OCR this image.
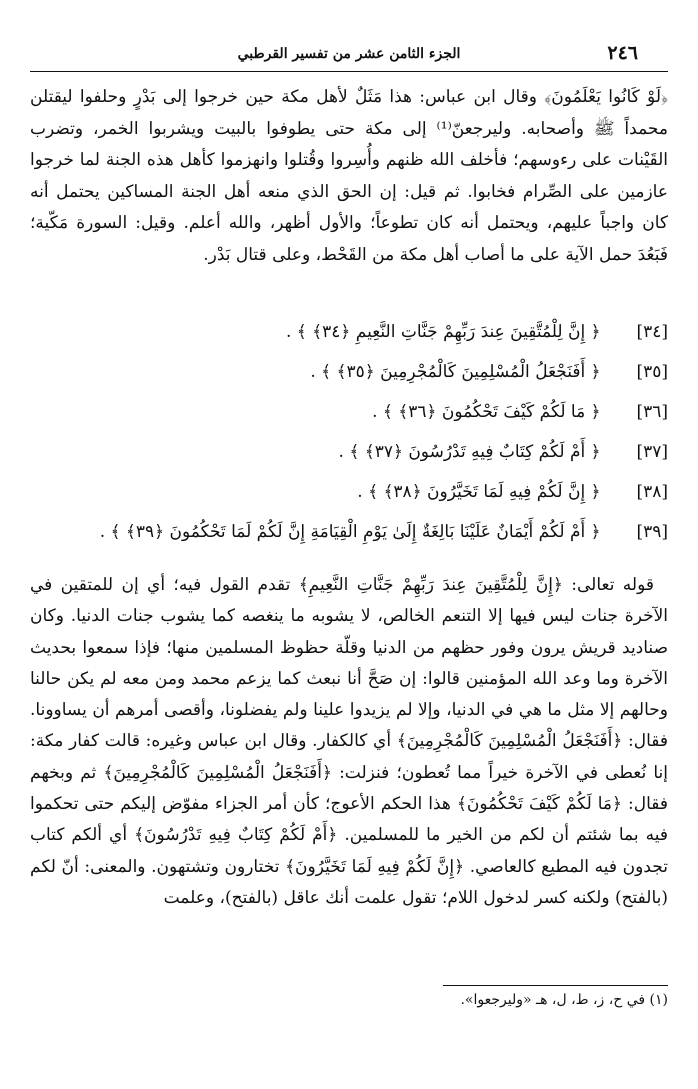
٢٤٦
الجزء الثامن عشر من تفسير القرطبي

﴿لَوْ كَانُوا يَعْلَمُونَ﴾ وقال ابن عباس: هذا مَثَلٌ لأهل مكة حين خرجوا إلى بَدْرٍ وحلفوا ليقتلن محمداً ﷺ وأصحابه. وليرجعنّ⁽¹⁾ إلى مكة حتى يطوفوا بالبيت ويشربوا الخمر، وتضرب القَيْنات على رءوسهم؛ فأخلف الله ظنهم وأُسِروا وقُتلوا وانهزموا كأهل هذه الجنة لما خرجوا عازمين على الصِّرام فخابوا. ثم قيل: إن الحق الذي منعه أهل الجنة المساكين يحتمل أنه كان واجباً عليهم، ويحتمل أنه كان تطوعاً؛ والأول أظهر، والله أعلم. وقيل: السورة مَكّية؛ فَبَعُدَ حمل الآية على ما أصاب أهل مكة من القَحْط، وعلى قتال بَدْر.

[٣٤] ﴿ إِنَّ لِلْمُتَّقِينَ عِندَ رَبِّهِمْ جَنَّاتِ النَّعِيمِ ﴿٣٤﴾ ﴾ .
[٣٥] ﴿ أَفَنَجْعَلُ الْمُسْلِمِينَ كَالْمُجْرِمِينَ ﴿٣٥﴾ ﴾ .
[٣٦] ﴿ مَا لَكُمْ كَيْفَ تَحْكُمُونَ ﴿٣٦﴾ ﴾ .
[٣٧] ﴿ أَمْ لَكُمْ كِتَابٌ فِيهِ تَدْرُسُونَ ﴿٣٧﴾ ﴾ .
[٣٨] ﴿ إِنَّ لَكُمْ فِيهِ لَمَا تَخَيَّرُونَ ﴿٣٨﴾ ﴾ .
[٣٩] ﴿ أَمْ لَكُمْ أَيْمَانٌ عَلَيْنَا بَالِغَةٌ إِلَىٰ يَوْمِ الْقِيَامَةِ إِنَّ لَكُمْ لَمَا تَحْكُمُونَ ﴿٣٩﴾ ﴾ .

قوله تعالى: ﴿إِنَّ لِلْمُتَّقِينَ عِندَ رَبِّهِمْ جَنَّاتِ النَّعِيمِ﴾ تقدم القول فيه؛ أي إن للمتقين في الآخرة جنات ليس فيها إلا التنعم الخالص، لا يشوبه ما ينغصه كما يشوب جنات الدنيا. وكان صناديد قريش يرون وفور حظهم من الدنيا وقلّة حظوظ المسلمين منها؛ فإذا سمعوا بحديث الآخرة وما وعد الله المؤمنين قالوا: إن صَحَّ أنا نبعث كما يزعم محمد ومن معه لم يكن حالنا وحالهم إلا مثل ما هي في الدنيا، وإلا لم يزيدوا علينا ولم يفضلونا، وأقصى أمرهم أن يساوونا. فقال: ﴿أَفَنَجْعَلُ الْمُسْلِمِينَ كَالْمُجْرِمِينَ﴾ أي كالكفار. وقال ابن عباس وغيره: قالت كفار مكة: إنا نُعطى في الآخرة خيراً مما تُعطون؛ فنزلت: ﴿أَفَنَجْعَلُ الْمُسْلِمِينَ كَالْمُجْرِمِينَ﴾ ثم وبخهم فقال: ﴿مَا لَكُمْ كَيْفَ تَحْكُمُونَ﴾ هذا الحكم الأعوج؛ كأن أمر الجزاء مفوّض إليكم حتى تحكموا فيه بما شئتم أن لكم من الخير ما للمسلمين. ﴿أَمْ لَكُمْ كِتَابٌ فِيهِ تَدْرُسُونَ﴾ أي ألكم كتاب تجدون فيه المطيع كالعاصي. ﴿إِنَّ لَكُمْ فِيهِ لَمَا تَخَيَّرُونَ﴾ تختارون وتشتهون. والمعنى: أنّ لكم (بالفتح) ولكنه كسر لدخول اللام؛ تقول علمت أنك عاقل (بالفتح)، وعلمت

(١) في ح، ز، ط، ل، هـ «وليرجعوا».
